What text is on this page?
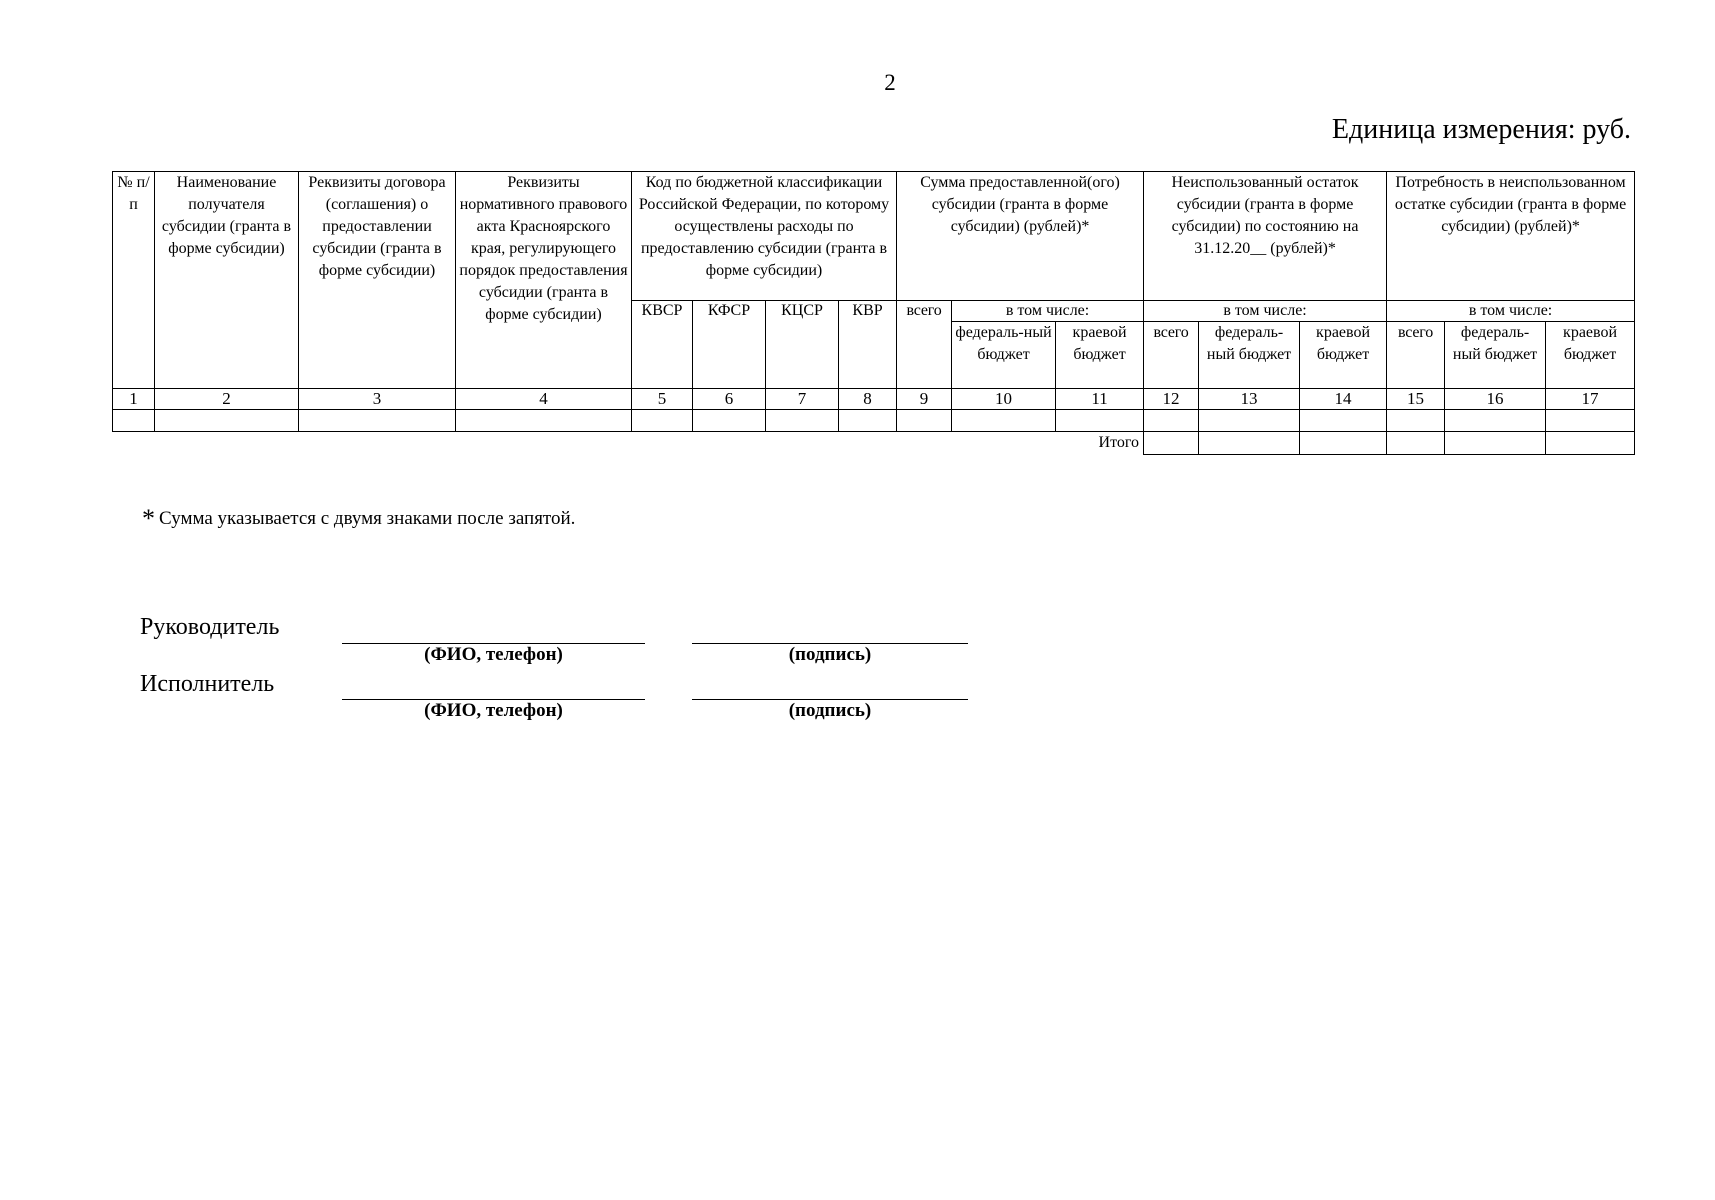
2
Единица измерения: руб.
№ п/п	Наименование получателя субсидии (гранта в форме субсидии)	Реквизиты договора (соглашения) о предоставлении субсидии (гранта в форме субсидии)	Реквизиты нормативного правового акта Красноярского края, регулирующего порядок предоставления субсидии (гранта в форме субсидии)	Код по бюджетной классификации Российской Федерации, по которому осуществлены расходы по предоставлению субсидии (гранта в форме субсидии)				Сумма предоставленной(ого) субсидии (гранта в форме субсидии) (рублей)*			Неиспользованный остаток субсидии (гранта в форме субсидии) по состоянию на 31.12.20__ (рублей)*			Потребность в неиспользованном остатке субсидии (гранта в форме субсидии) (рублей)*		
				КВСР	КФСР	КЦСР	КВР	всего	в том числе:		в том числе:			в том числе:		
									федераль-ный бюджет	краевой бюджет	всего	федераль-ный бюджет	краевой бюджет	всего	федераль-ный бюджет	краевой бюджет
1	2	3	4	5	6	7	8	9	10	11	12	13	14	15	16	17

Итого																
* Сумма указывается с двумя знаками после запятой.
Руководитель
(ФИО, телефон)	(подпись)
Исполнитель
(ФИО, телефон)	(подпись)
